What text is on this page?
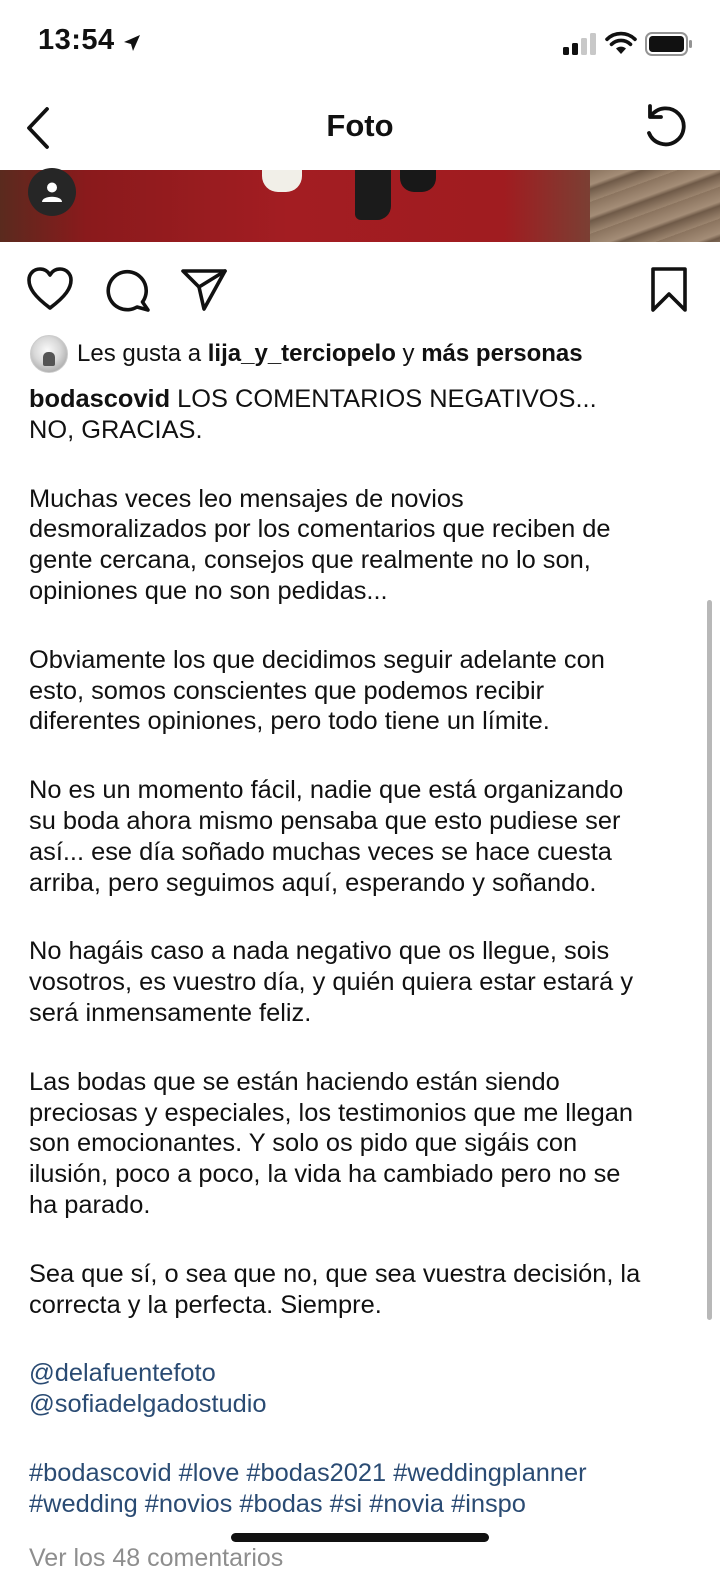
13:54
Foto
Les gusta a
lija_y_terciopelo
y
más personas

bodascovid LOS COMENTARIOS NEGATIVOS...

NO, GRACIAS.

Muchas veces leo mensajes de novios

desmoralizados por los comentarios que reciben de

gente cercana, consejos que realmente no lo son,

opiniones que no son pedidas...

Obviamente los que decidimos seguir adelante con

esto, somos conscientes que podemos recibir

diferentes opiniones, pero todo tiene un límite.

No es un momento fácil, nadie que está organizando

su boda ahora mismo pensaba que esto pudiese ser

así... ese día soñado muchas veces se hace cuesta

arriba, pero seguimos aquí, esperando y soñando.

No hagáis caso a nada negativo que os llegue, sois

vosotros, es vuestro día, y quién quiera estar estará y

será inmensamente feliz.

Las bodas que se están haciendo están siendo

preciosas y especiales, los testimonios que me llegan

son emocionantes. Y solo os pido que sigáis con

ilusión, poco a poco, la vida ha cambiado pero no se

ha parado.

Sea que sí, o sea que no, que sea vuestra decisión, la

correcta y la perfecta. Siempre.

@delafuentefoto

@sofiadelgadostudio

#bodascovid #love #bodas2021 #weddingplanner

#wedding #novios #bodas #si #novia #inspo

Ver los 48 comentarios
